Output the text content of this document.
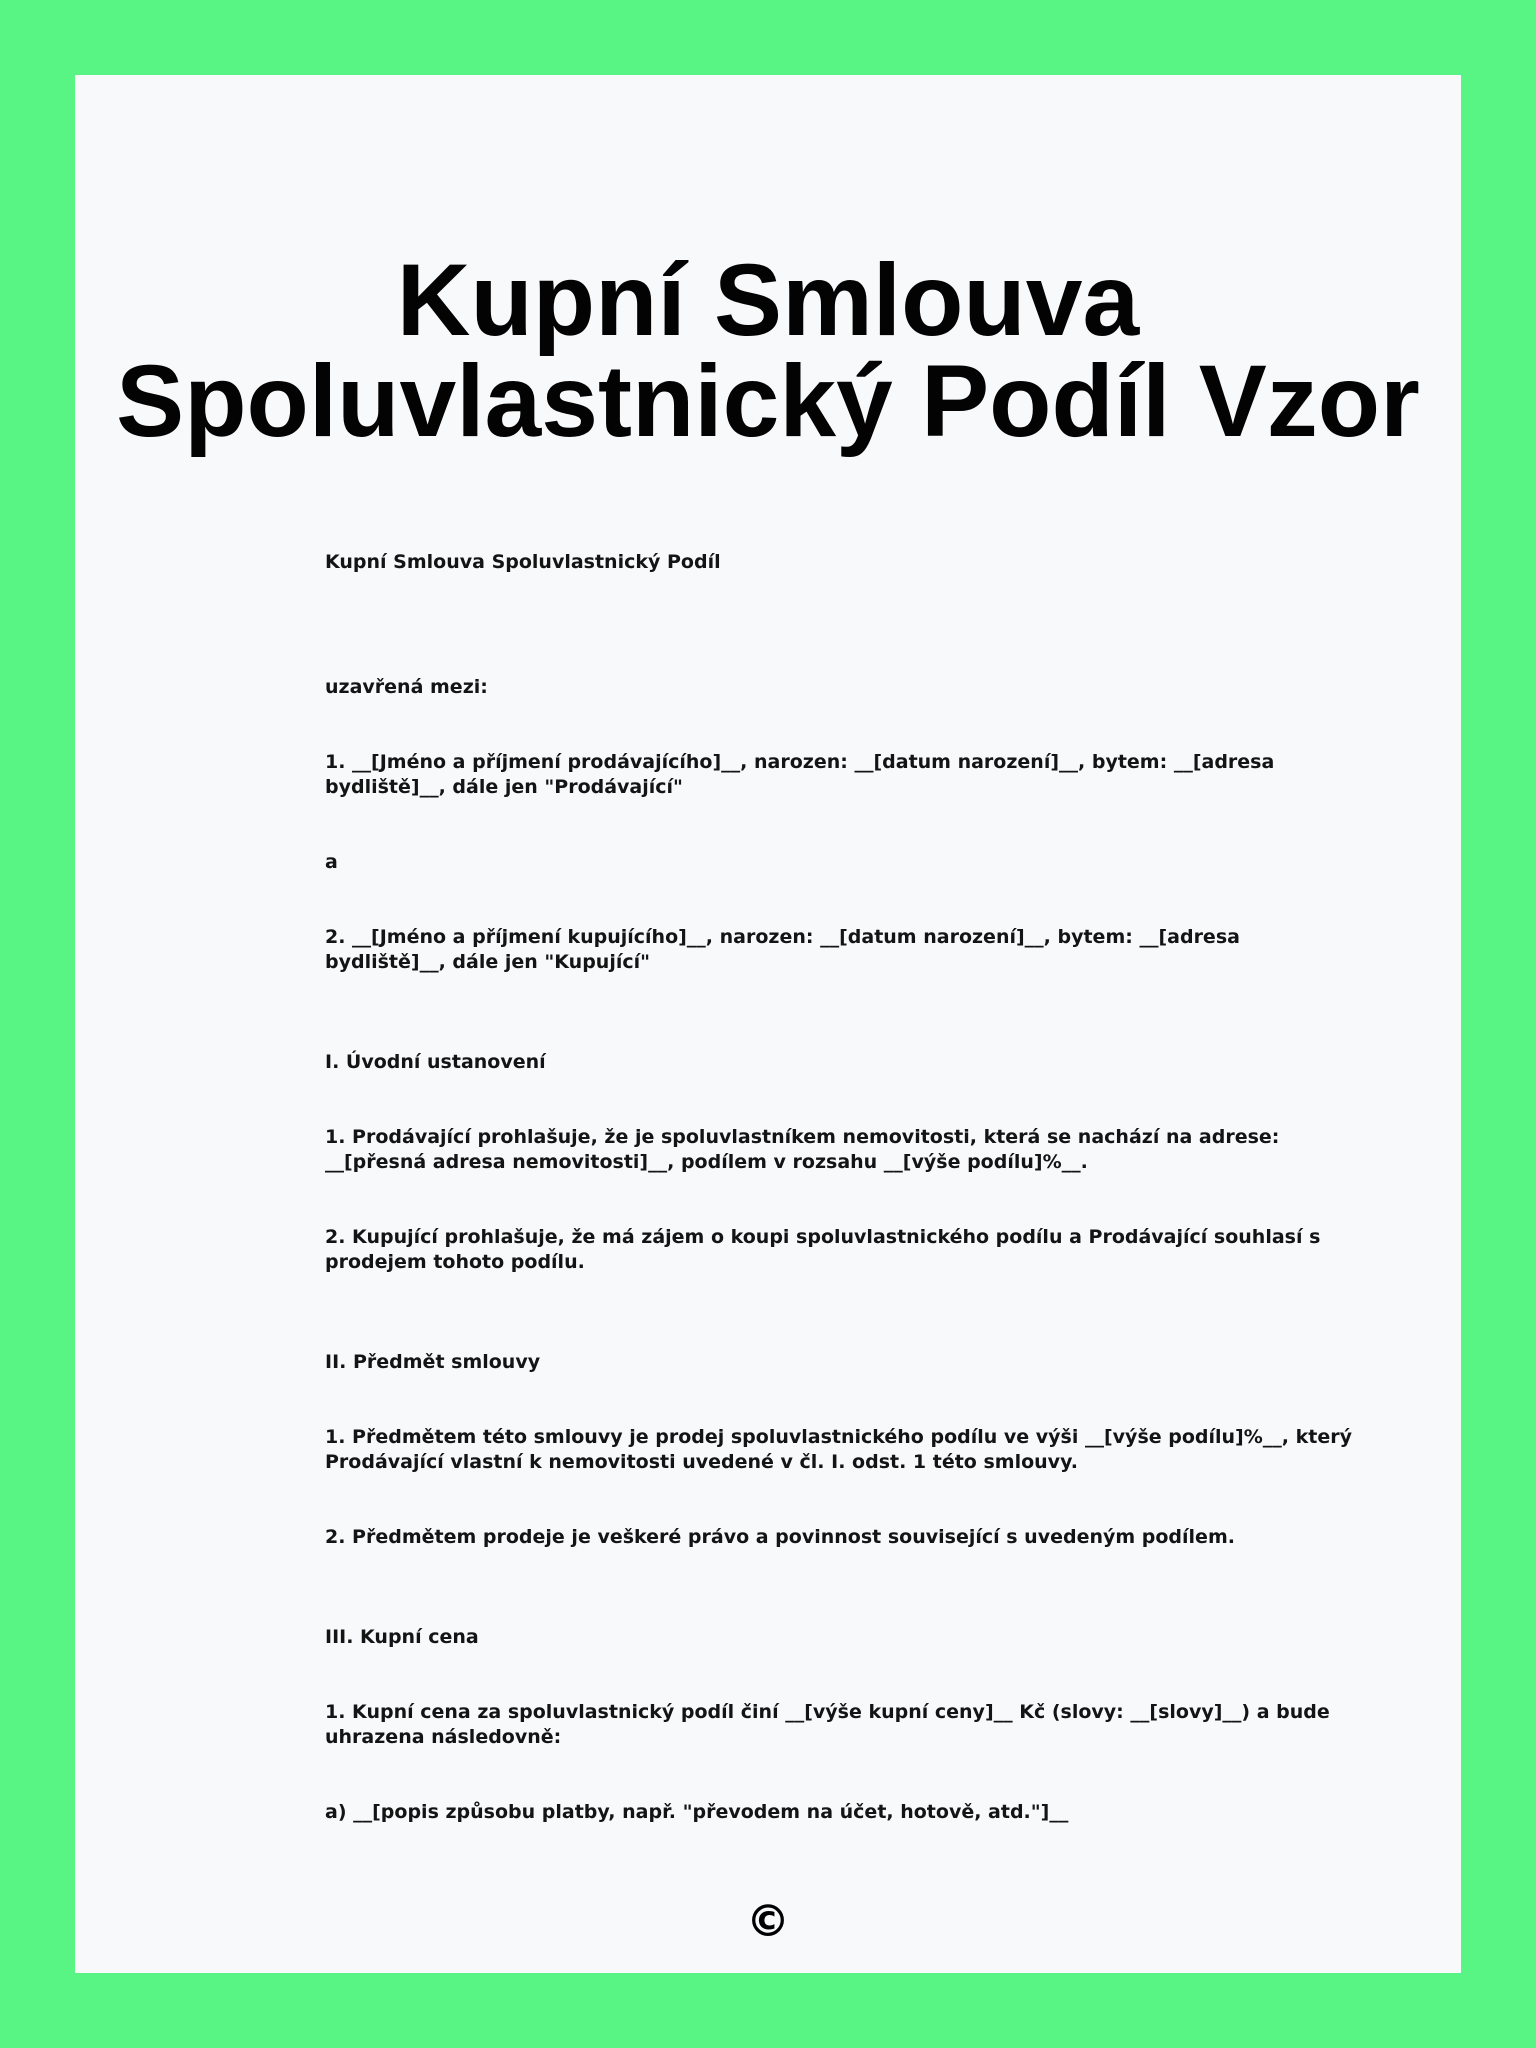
Kupní Smlouva
Spoluvlastnický Podíl Vzor

Kupní Smlouva Spoluvlastnický Podíl

uzavřená mezi:

1. __[Jméno a příjmení prodávajícího]__, narozen: __[datum narození]__, bytem: __[adresa bydliště]__, dále jen "Prodávající"

a

2. __[Jméno a příjmení kupujícího]__, narozen: __[datum narození]__, bytem: __[adresa bydliště]__, dále jen "Kupující"

I. Úvodní ustanovení

1. Prodávající prohlašuje, že je spoluvlastníkem nemovitosti, která se nachází na adrese: __[přesná adresa nemovitosti]__, podílem v rozsahu __[výše podílu]%__.

2. Kupující prohlašuje, že má zájem o koupi spoluvlastnického podílu a Prodávající souhlasí s prodejem tohoto podílu.

II. Předmět smlouvy

1. Předmětem této smlouvy je prodej spoluvlastnického podílu ve výši __[výše podílu]%__, který Prodávající vlastní k nemovitosti uvedené v čl. I. odst. 1 této smlouvy.

2. Předmětem prodeje je veškeré právo a povinnost související s uvedeným podílem.

III. Kupní cena

1. Kupní cena za spoluvlastnický podíl činí __[výše kupní ceny]__ Kč (slovy: __[slovy]__) a bude uhrazena následovně:

a) __[popis způsobu platby, např. "převodem na účet, hotově, atd."]__

©
